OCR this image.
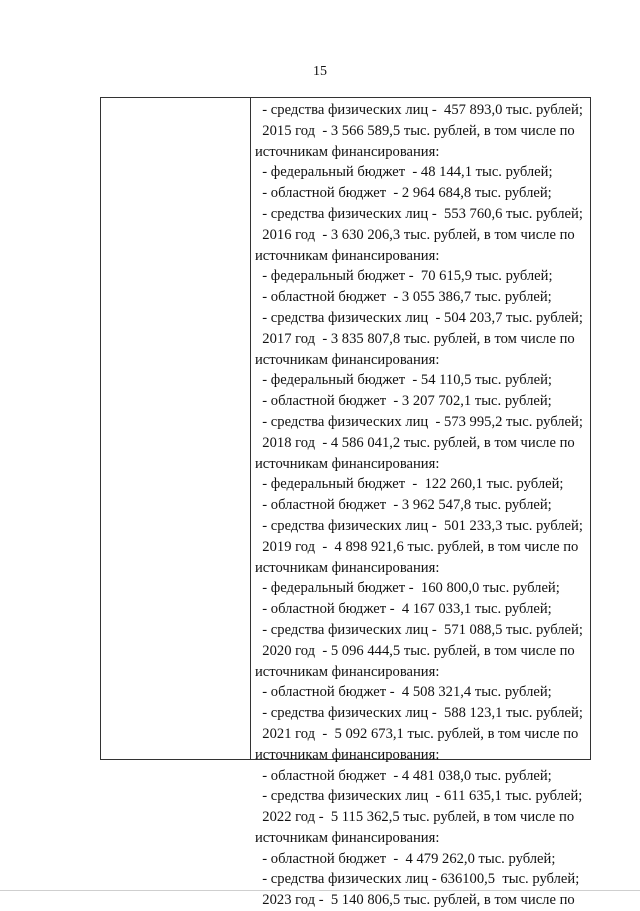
15
- средства физических лиц -  457 893,0 тыс. рублей;
2015 год  - 3 566 589,5 тыс. рублей, в том числе по
источникам финансирования:
- федеральный бюджет  - 48 144,1 тыс. рублей;
- областной бюджет  - 2 964 684,8 тыс. рублей;
- средства физических лиц -  553 760,6 тыс. рублей;
2016 год  - 3 630 206,3 тыс. рублей, в том числе по
источникам финансирования:
- федеральный бюджет -  70 615,9 тыс. рублей;
- областной бюджет  - 3 055 386,7 тыс. рублей;
- средства физических лиц  - 504 203,7 тыс. рублей;
2017 год  - 3 835 807,8 тыс. рублей, в том числе по
источникам финансирования:
- федеральный бюджет  - 54 110,5 тыс. рублей;
- областной бюджет  - 3 207 702,1 тыс. рублей;
- средства физических лиц  - 573 995,2 тыс. рублей;
2018 год  - 4 586 041,2 тыс. рублей, в том числе по
источникам финансирования:
- федеральный бюджет  -  122 260,1 тыс. рублей;
- областной бюджет  - 3 962 547,8 тыс. рублей;
- средства физических лиц -  501 233,3 тыс. рублей;
2019 год  -  4 898 921,6 тыс. рублей, в том числе по
источникам финансирования:
- федеральный бюджет -  160 800,0 тыс. рублей;
- областной бюджет -  4 167 033,1 тыс. рублей;
- средства физических лиц -  571 088,5 тыс. рублей;
2020 год  - 5 096 444,5 тыс. рублей, в том числе по
источникам финансирования:
- областной бюджет -  4 508 321,4 тыс. рублей;
- средства физических лиц -  588 123,1 тыс. рублей;
2021 год  -  5 092 673,1 тыс. рублей, в том числе по
источникам финансирования:
- областной бюджет  - 4 481 038,0 тыс. рублей;
- средства физических лиц  - 611 635,1 тыс. рублей;
2022 год -  5 115 362,5 тыс. рублей, в том числе по
источникам финансирования:
- областной бюджет  -  4 479 262,0 тыс. рублей;
- средства физических лиц - 636100,5  тыс. рублей;
2023 год -  5 140 806,5 тыс. рублей, в том числе по
